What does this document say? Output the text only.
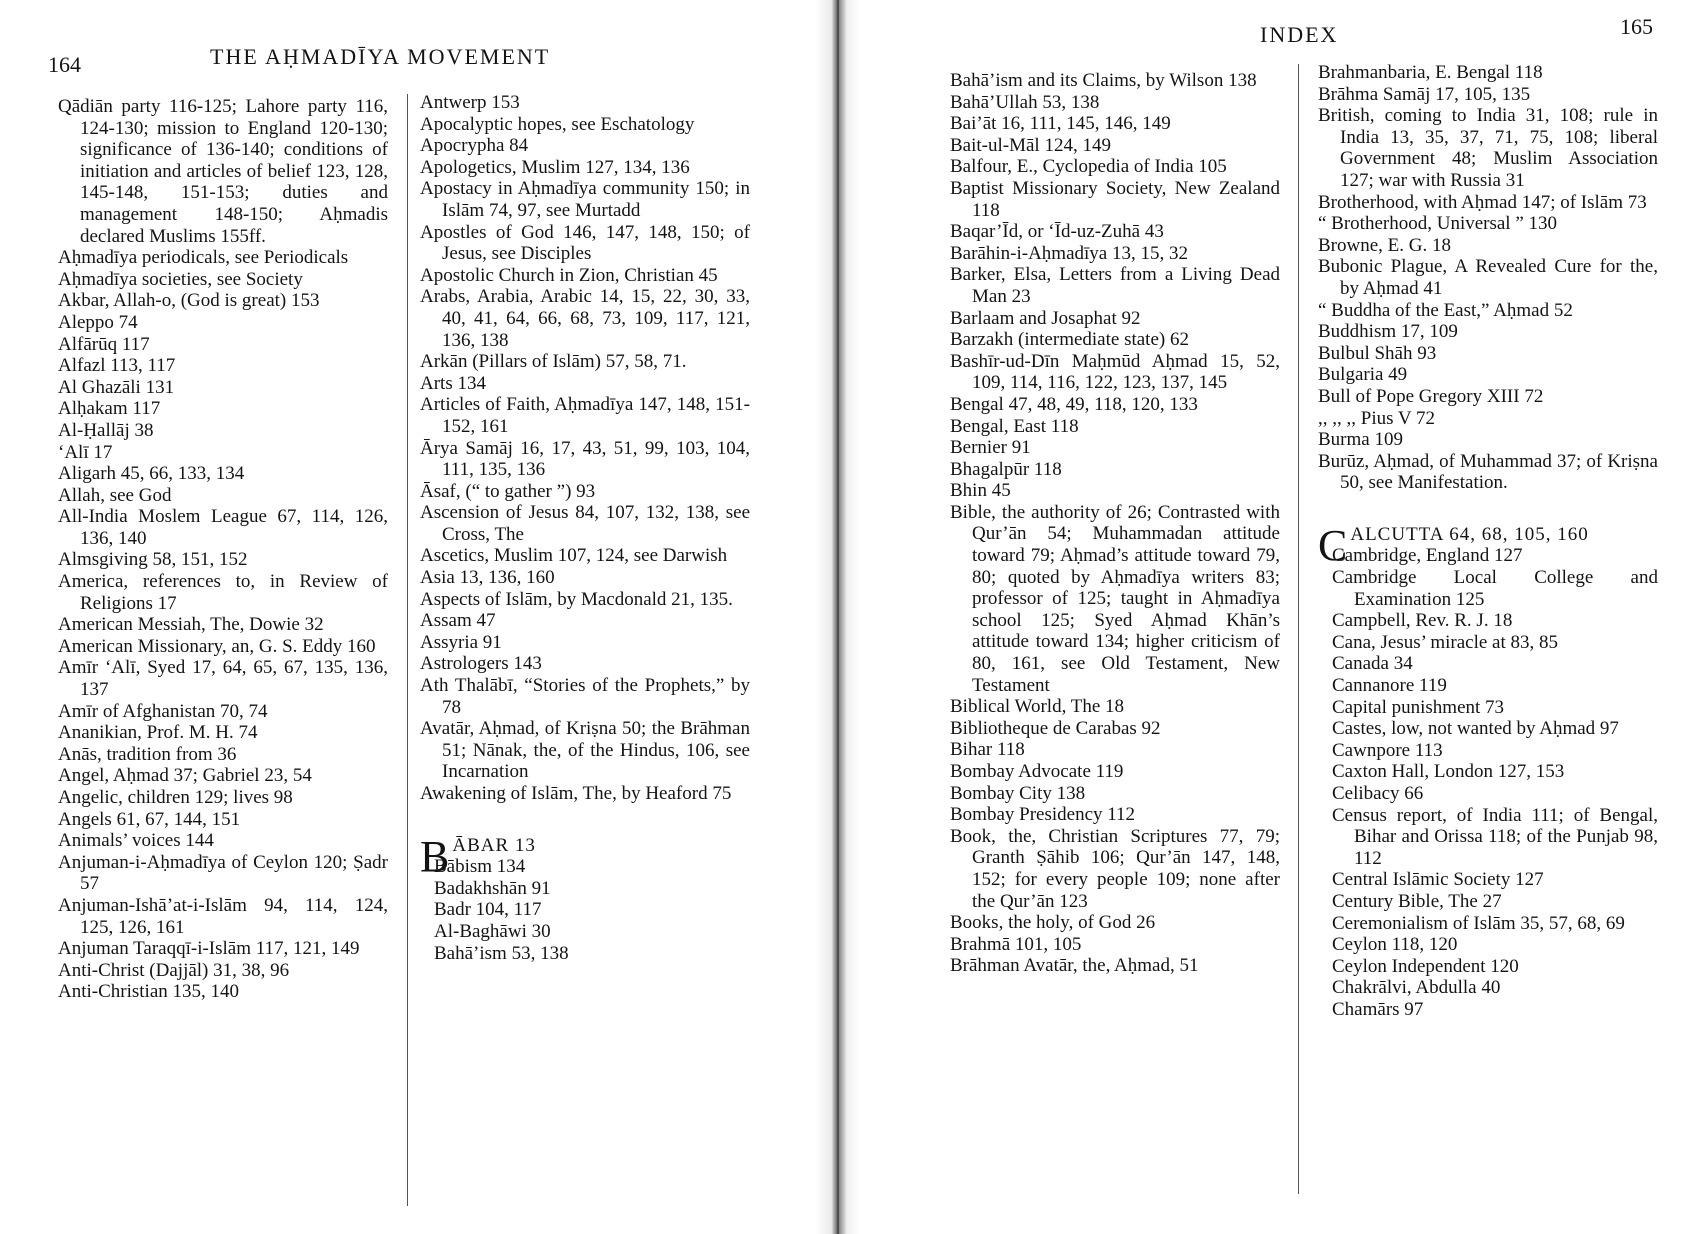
164	THE AḤMADĪYA MOVEMENT

Qādiān party 116-125; Lahore party 116, 124-130; mission to England 120-130; significance of 136-140; conditions of initiation and articles of belief 123, 128, 145-148, 151-153; duties and management 148-150; Aḥmadis declared Muslims 155ff.

Aḥmadīya periodicals, see Periodicals

Aḥmadīya societies, see Society

Akbar, Allah-o, (God is great) 153

Aleppo 74

Alfārūq 117

Alfazl 113, 117

Al Ghazāli 131

Alḥakam 117

Al-Ḥallāj 38

‘Alī 17

Aligarh 45, 66, 133, 134

Allah, see God

All-India Moslem League 67, 114, 126, 136, 140

Almsgiving 58, 151, 152

America, references to, in Review of Religions 17

American Messiah, The, Dowie 32

American Missionary, an, G. S. Eddy 160

Amīr ‘Alī, Syed 17, 64, 65, 67, 135, 136, 137

Amīr of Afghanistan 70, 74

Ananikian, Prof. M. H. 74

Anās, tradition from 36

Angel, Aḥmad 37; Gabriel 23, 54

Angelic, children 129; lives 98

Angels 61, 67, 144, 151

Animals’ voices 144

Anjuman-i-Aḥmadīya of Ceylon 120; Ṣadr 57

Anjuman-Ishā’at-i-Islām 94, 114, 124, 125, 126, 161

Anjuman Taraqqī-i-Islām 117, 121, 149

Anti-Christ (Dajjāl) 31, 38, 96

Anti-Christian 135, 140

Antwerp 153

Apocalyptic hopes, see Eschatology

Apocrypha 84

Apologetics, Muslim 127, 134, 136

Apostacy in Aḥmadīya community 150; in Islām 74, 97, see Murtadd

Apostles of God 146, 147, 148, 150; of Jesus, see Disciples

Apostolic Church in Zion, Christian 45

Arabs, Arabia, Arabic 14, 15, 22, 30, 33, 40, 41, 64, 66, 68, 73, 109, 117, 121, 136, 138

Arkān (Pillars of Islām) 57, 58, 71.

Arts 134

Articles of Faith, Aḥmadīya 147, 148, 151-152, 161

Ārya Samāj 16, 17, 43, 51, 99, 103, 104, 111, 135, 136

Āsaf, (“ to gather ”) 93

Ascension of Jesus 84, 107, 132, 138, see Cross, The

Ascetics, Muslim 107, 124, see Darwish

Asia 13, 136, 160

Aspects of Islām, by Macdonald 21, 135.

Assam 47

Assyria 91

Astrologers 143

Ath Thalābī, “Stories of the Prophets,” by 78

Avatār, Aḥmad, of Kriṣna 50; the Brāhman 51; Nānak, the, of the Hindus, 106, see Incarnation

Awakening of Islām, The, by Heaford 75

B ĀBAR 13

Bābism 134

Badakhshān 91

Badr 104, 117

Al-Baghāwi 30

Bahā’ism 53, 138

INDEX	165

Bahā’ism and its Claims, by Wilson 138

Bahā’Ullah 53, 138

Bai’āt 16, 111, 145, 146, 149

Bait-ul-Māl 124, 149

Balfour, E., Cyclopedia of India 105

Baptist Missionary Society, New Zealand 118

Baqar’Īd, or ‘Īd-uz-Zuhā 43

Barāhin-i-Aḥmadīya 13, 15, 32

Barker, Elsa, Letters from a Living Dead Man 23

Barlaam and Josaphat 92

Barzakh (intermediate state) 62

Bashīr-ud-Dīn Maḥmūd Aḥmad 15, 52, 109, 114, 116, 122, 123, 137, 145

Bengal 47, 48, 49, 118, 120, 133

Bengal, East 118

Bernier 91

Bhagalpūr 118

Bhin 45

Bible, the authority of 26; Contrasted with Qur’ān 54; Muhammadan attitude toward 79; Aḥmad’s attitude toward 79, 80; quoted by Aḥmadīya writers 83; professor of 125; taught in Aḥmadīya school 125; Syed Aḥmad Khān’s attitude toward 134; higher criticism of 80, 161, see Old Testament, New Testament

Biblical World, The 18

Bibliotheque de Carabas 92

Bihar 118

Bombay Advocate 119

Bombay City 138

Bombay Presidency 112

Book, the, Christian Scriptures 77, 79; Granth Ṣāhib 106; Qur’ān 147, 148, 152; for every people 109; none after the Qur’ān 123

Books, the holy, of God 26

Brahmā 101, 105

Brāhman Avatār, the, Aḥmad, 51

Brahmanbaria, E. Bengal 118

Brāhma Samāj 17, 105, 135

British, coming to India 31, 108; rule in India 13, 35, 37, 71, 75, 108; liberal Government 48; Muslim Association 127; war with Russia 31

Brotherhood, with Aḥmad 147; of Islām 73

“ Brotherhood, Universal ” 130

Browne, E. G. 18

Bubonic Plague, A Revealed Cure for the, by Aḥmad 41

“ Buddha of the East,” Aḥmad 52

Buddhism 17, 109

Bulbul Shāh 93

Bulgaria 49

Bull of Pope Gregory XIII 72

,, ,, ,, Pius V 72

Burma 109

Burūz, Aḥmad, of Muhammad 37; of Kriṣna 50, see Manifestation.

C ALCUTTA 64, 68, 105, 160

Cambridge, England 127

Cambridge Local College and Examination 125

Campbell, Rev. R. J. 18

Cana, Jesus’ miracle at 83, 85

Canada 34

Cannanore 119

Capital punishment 73

Castes, low, not wanted by Aḥmad 97

Cawnpore 113

Caxton Hall, London 127, 153

Celibacy 66

Census report, of India 111; of Bengal, Bihar and Orissa 118; of the Punjab 98, 112

Central Islāmic Society 127

Century Bible, The 27

Ceremonialism of Islām 35, 57, 68, 69

Ceylon 118, 120

Ceylon Independent 120

Chakrālvi, Abdulla 40

Chamārs 97
